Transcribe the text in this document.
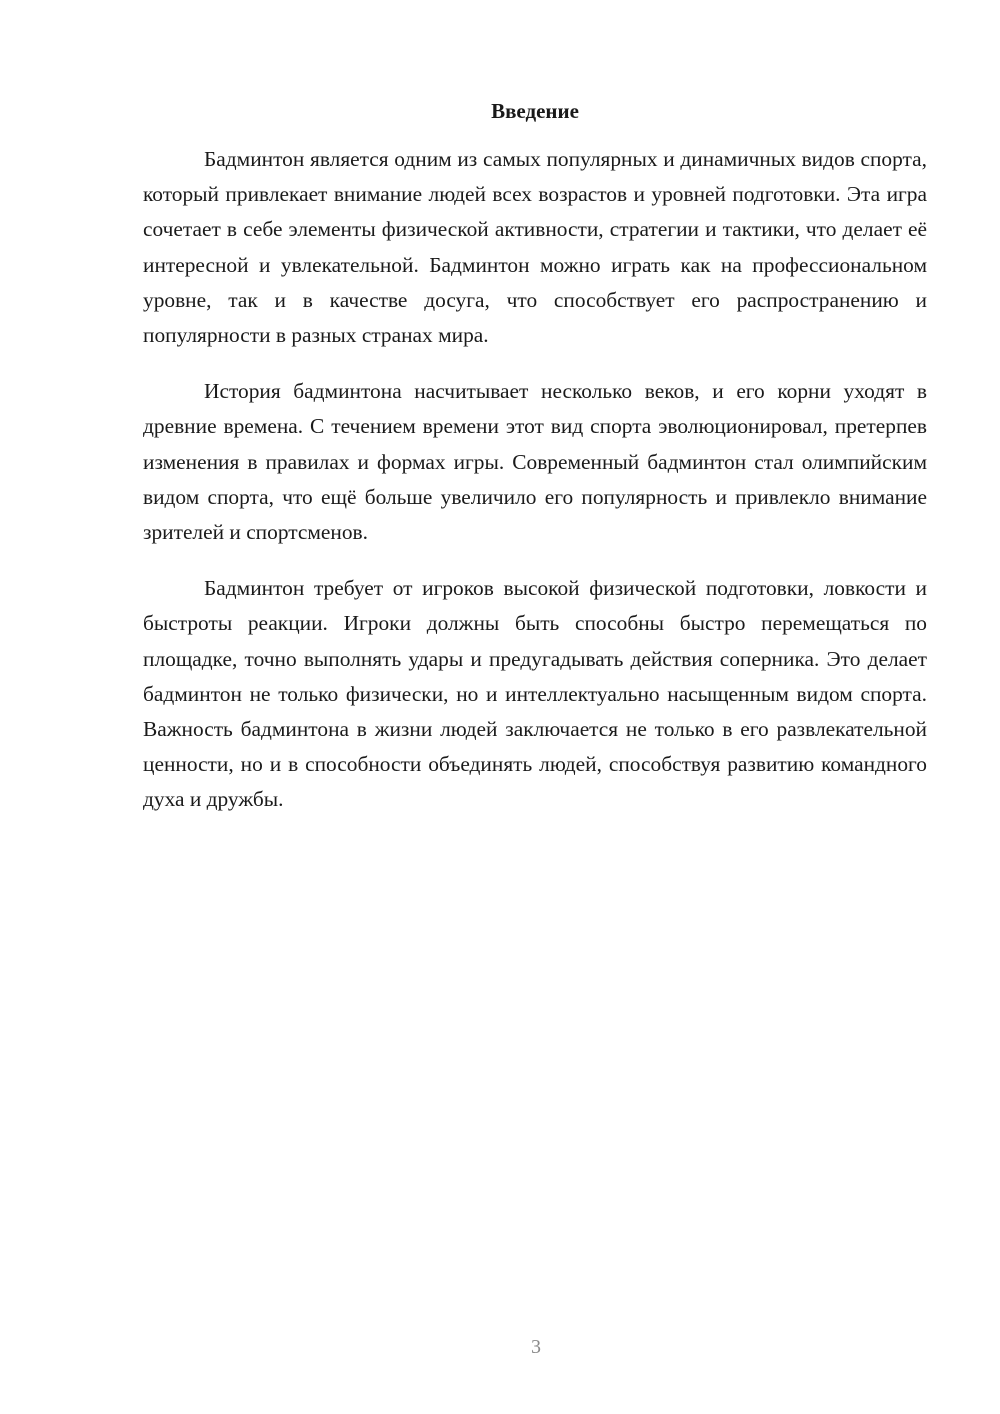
Введение

Бадминтон является одним из самых популярных и динамичных видов спорта, который привлекает внимание людей всех возрастов и уровней подготовки. Эта игра сочетает в себе элементы физической активности, стратегии и тактики, что делает её интересной и увлекательной. Бадминтон можно играть как на профессиональном уровне, так и в качестве досуга, что способствует его распространению и популярности в разных странах мира.

История бадминтона насчитывает несколько веков, и его корни уходят в древние времена. С течением времени этот вид спорта эволюционировал, претерпев изменения в правилах и формах игры. Современный бадминтон стал олимпийским видом спорта, что ещё больше увеличило его популярность и привлекло внимание зрителей и спортсменов.

Бадминтон требует от игроков высокой физической подготовки, ловкости и быстроты реакции. Игроки должны быть способны быстро перемещаться по площадке, точно выполнять удары и предугадывать действия соперника. Это делает бадминтон не только физически, но и интеллектуально насыщенным видом спорта. Важность бадминтона в жизни людей заключается не только в его развлекательной ценности, но и в способности объединять людей, способствуя развитию командного духа и дружбы.

3
